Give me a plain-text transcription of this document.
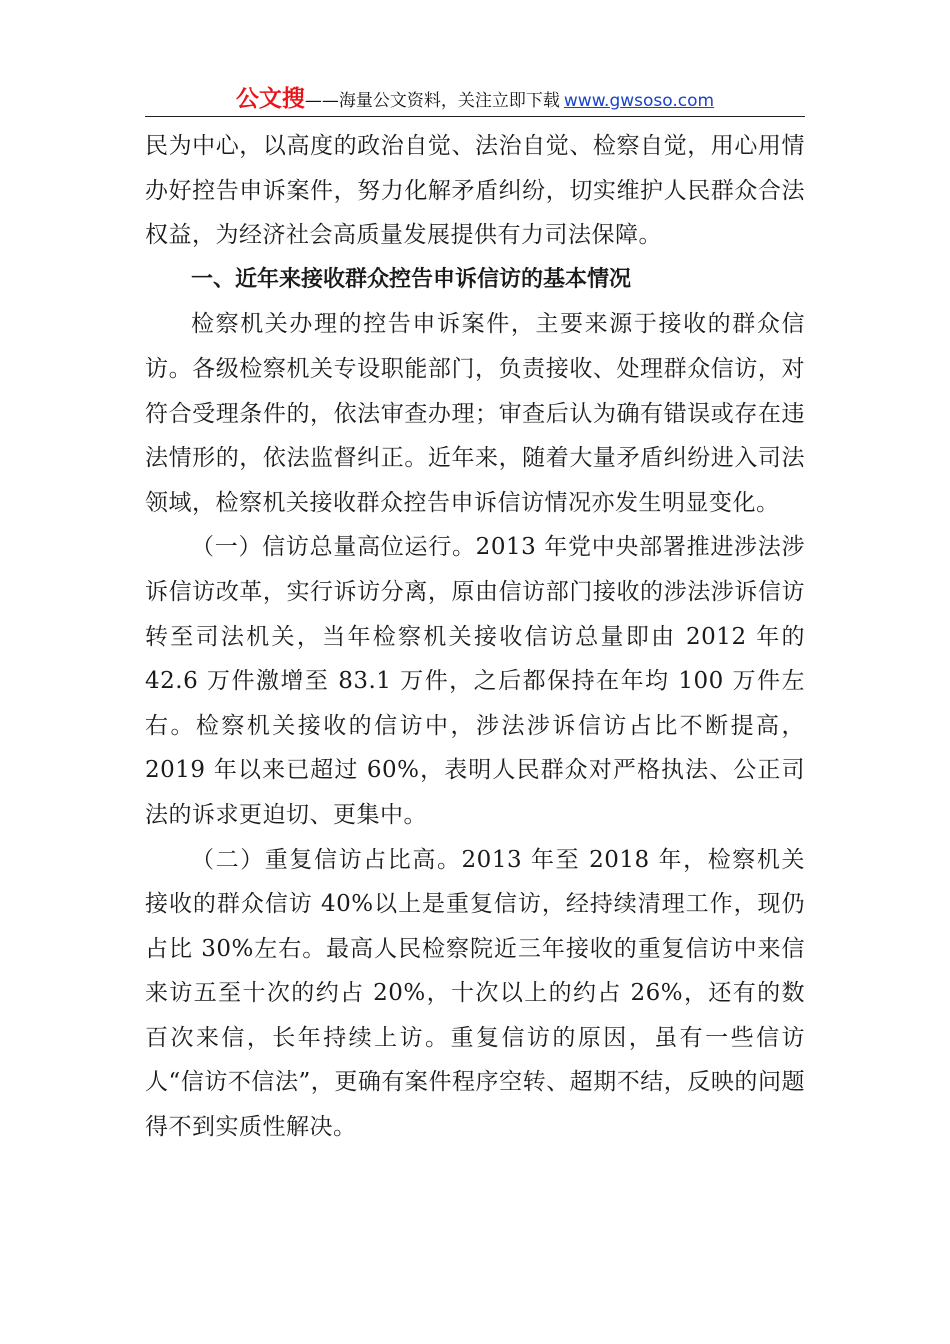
公文搜——海量公文资料，关注立即下载 www.gwsoso.com

民为中心，以高度的政治自觉、法治自觉、检察自觉，用心用情办好控告申诉案件，努力化解矛盾纠纷，切实维护人民群众合法权益，为经济社会高质量发展提供有力司法保障。

一、近年来接收群众控告申诉信访的基本情况

检察机关办理的控告申诉案件，主要来源于接收的群众信访。各级检察机关专设职能部门，负责接收、处理群众信访，对符合受理条件的，依法审查办理；审查后认为确有错误或存在违法情形的，依法监督纠正。近年来，随着大量矛盾纠纷进入司法领域，检察机关接收群众控告申诉信访情况亦发生明显变化。

（一）信访总量高位运行。2013 年党中央部署推进涉法涉诉信访改革，实行诉访分离，原由信访部门接收的涉法涉诉信访转至司法机关，当年检察机关接收信访总量即由 2012 年的 42.6 万件激增至 83.1 万件，之后都保持在年均 100 万件左右。检察机关接收的信访中，涉法涉诉信访占比不断提高，2019 年以来已超过 60%，表明人民群众对严格执法、公正司法的诉求更迫切、更集中。

（二）重复信访占比高。2013 年至 2018 年，检察机关接收的群众信访 40%以上是重复信访，经持续清理工作，现仍占比 30%左右。最高人民检察院近三年接收的重复信访中来信来访五至十次的约占 20%，十次以上的约占 26%，还有的数百次来信，长年持续上访。重复信访的原因，虽有一些信访人“信访不信法”，更确有案件程序空转、超期不结，反映的问题得不到实质性解决。
